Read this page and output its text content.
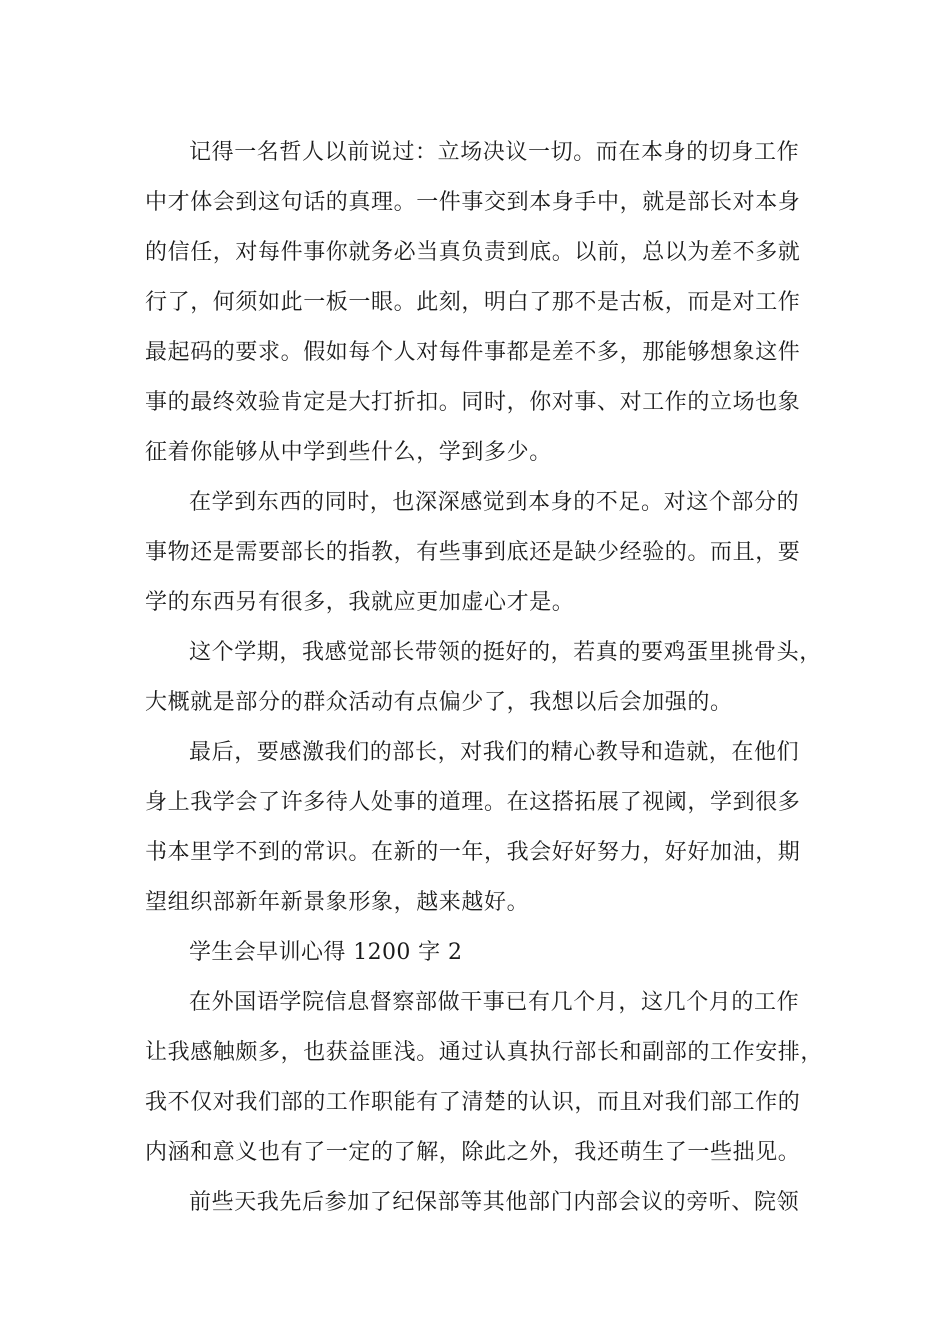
记得一名哲人以前说过：立场决议一切。而在本身的切身工作
中才体会到这句话的真理。一件事交到本身手中，就是部长对本身
的信任，对每件事你就务必当真负责到底。以前，总以为差不多就
行了，何须如此一板一眼。此刻，明白了那不是古板，而是对工作
最起码的要求。假如每个人对每件事都是差不多，那能够想象这件
事的最终效验肯定是大打折扣。同时，你对事、对工作的立场也象
征着你能够从中学到些什么，学到多少。

在学到东西的同时，也深深感觉到本身的不足。对这个部分的
事物还是需要部长的指教，有些事到底还是缺少经验的。而且，要
学的东西另有很多，我就应更加虚心才是。

这个学期，我感觉部长带领的挺好的，若真的要鸡蛋里挑骨头，
大概就是部分的群众活动有点偏少了，我想以后会加强的。

最后，要感激我们的部长，对我们的精心教导和造就，在他们
身上我学会了许多待人处事的道理。在这搭拓展了视阈，学到很多
书本里学不到的常识。在新的一年，我会好好努力，好好加油，期
望组织部新年新景象形象，越来越好。

学生会早训心得 1200 字 2

在外国语学院信息督察部做干事已有几个月，这几个月的工作
让我感触颇多，也获益匪浅。通过认真执行部长和副部的工作安排，
我不仅对我们部的工作职能有了清楚的认识，而且对我们部工作的
内涵和意义也有了一定的了解，除此之外，我还萌生了一些拙见。

前些天我先后参加了纪保部等其他部门内部会议的旁听、院领
